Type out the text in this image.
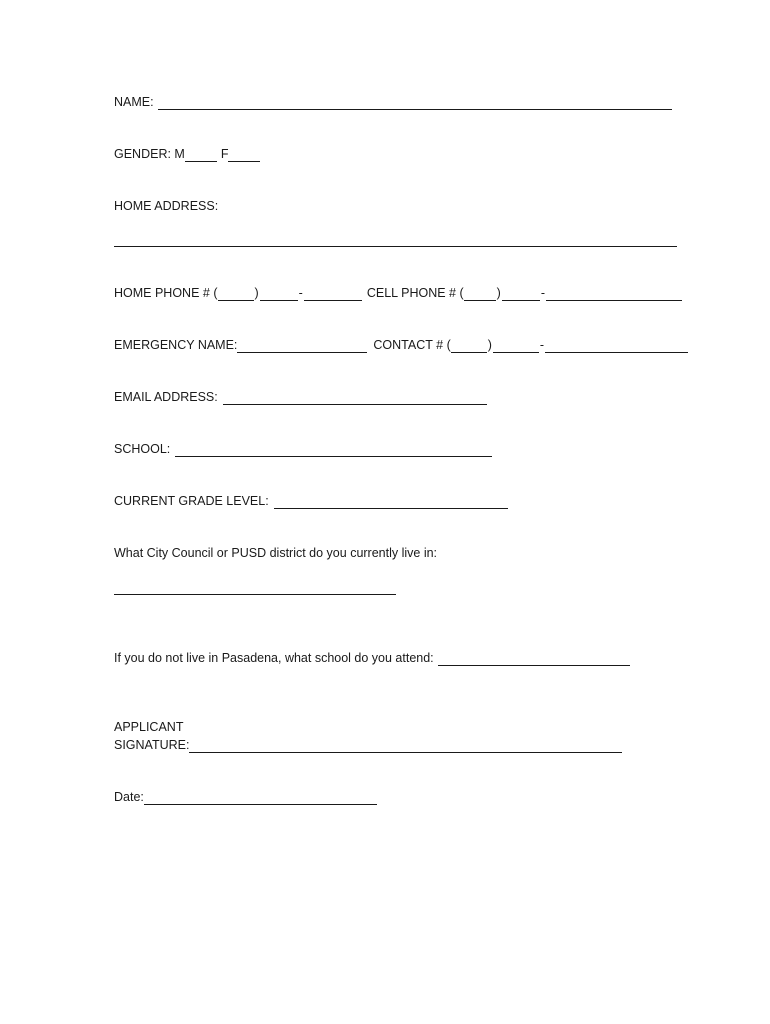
NAME:
GENDER: M	F
HOME ADDRESS:
HOME PHONE # (	)	-	CELL PHONE # (	)	-
EMERGENCY NAME:	CONTACT # (	)	-
EMAIL ADDRESS:
SCHOOL:
CURRENT GRADE LEVEL:
What City Council or PUSD district do you currently live in:
If you do not live in Pasadena, what school do you attend:
APPLICANT
SIGNATURE:
Date:
